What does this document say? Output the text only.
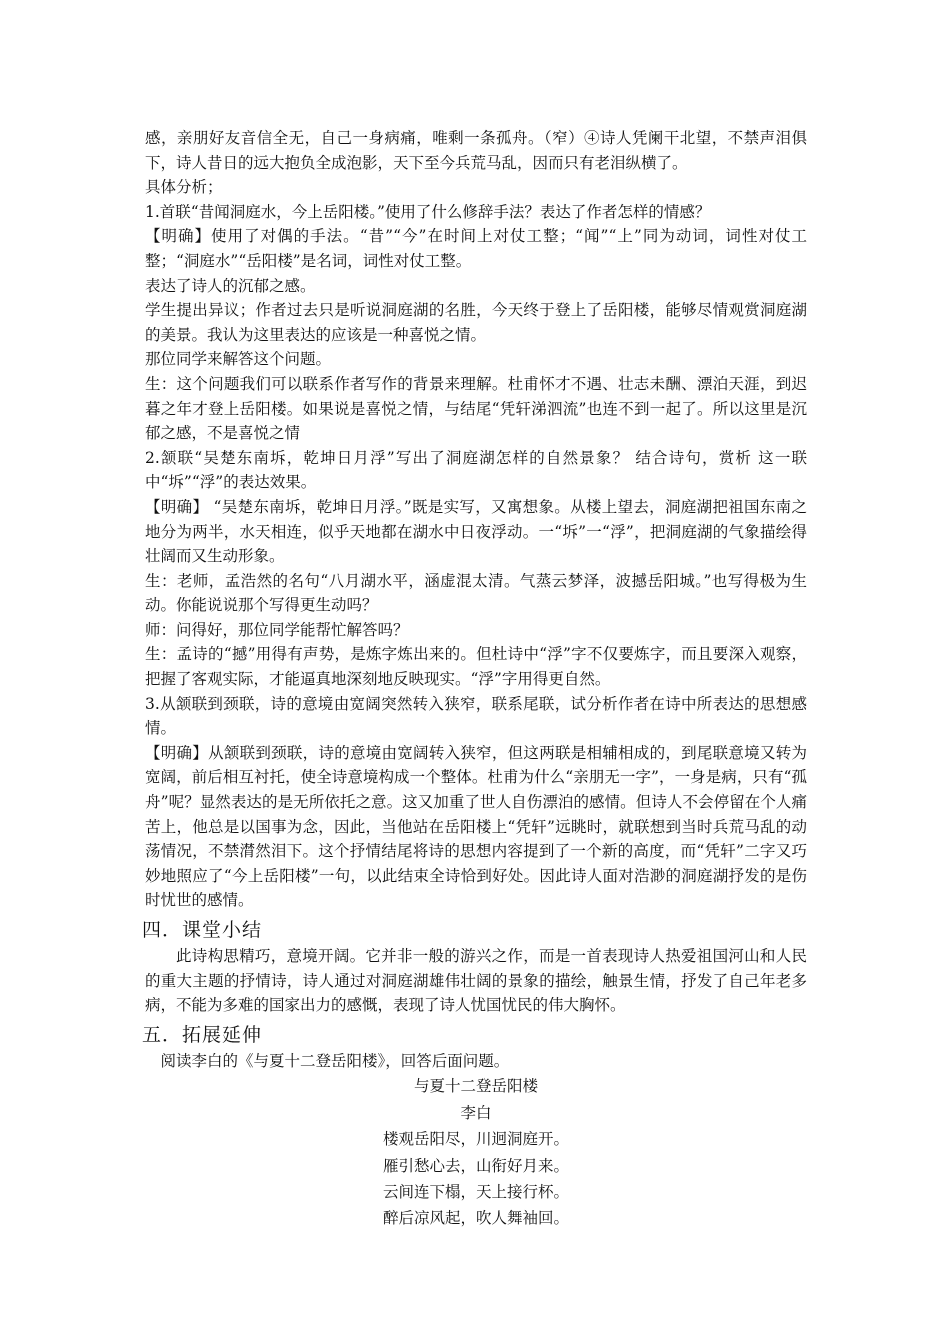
感，亲朋好友音信全无，自己一身病痛，唯剩一条孤舟。（窄）④诗人凭阑干北望，不禁声泪俱下，诗人昔日的远大抱负全成泡影，天下至今兵荒马乱，因而只有老泪纵横了。

具体分析；

1.首联“昔闻洞庭水，今上岳阳楼。”使用了什么修辞手法？表达了作者怎样的情感？

【明确】使用了对偶的手法。“昔”“今”在时间上对仗工整；“闻”“上”同为动词，词性对仗工整；“洞庭水”“岳阳楼”是名词，词性对仗工整。

表达了诗人的沉郁之感。

学生提出异议；作者过去只是听说洞庭湖的名胜，今天终于登上了岳阳楼，能够尽情观赏洞庭湖的美景。我认为这里表达的应该是一种喜悦之情。

那位同学来解答这个问题。

生：这个问题我们可以联系作者写作的背景来理解。杜甫怀才不遇、壮志未酬、漂泊天涯，到迟暮之年才登上岳阳楼。如果说是喜悦之情，与结尾“凭轩涕泗流”也连不到一起了。所以这里是沉郁之感，不是喜悦之情

2.颔联“吴楚东南坼，乾坤日月浮”写出了洞庭湖怎样的自然景象？ 结合诗句，赏析 这一联中“坼”“浮”的表达效果。

【明确】 “吴楚东南坼，乾坤日月浮。”既是实写，又寓想象。从楼上望去，洞庭湖把祖国东南之地分为两半，水天相连，似乎天地都在湖水中日夜浮动。一“坼”一“浮”，把洞庭湖的气象描绘得壮阔而又生动形象。

生：老师，孟浩然的名句“八月湖水平，涵虚混太清。气蒸云梦泽，波撼岳阳城。”也写得极为生动。你能说说那个写得更生动吗？

师：问得好，那位同学能帮忙解答吗？

生：孟诗的“撼”用得有声势，是炼字炼出来的。但杜诗中“浮”字不仅要炼字，而且要深入观察，把握了客观实际，才能逼真地深刻地反映现实。“浮”字用得更自然。

3.从颔联到颈联，诗的意境由宽阔突然转入狭窄，联系尾联，试分析作者在诗中所表达的思想感情。

【明确】从颔联到颈联，诗的意境由宽阔转入狭窄，但这两联是相辅相成的，到尾联意境又转为宽阔，前后相互衬托，使全诗意境构成一个整体。杜甫为什么“亲朋无一字”，一身是病，只有“孤舟”呢？显然表达的是无所依托之意。这又加重了世人自伤漂泊的感情。但诗人不会停留在个人痛苦上，他总是以国事为念，因此，当他站在岳阳楼上“凭轩”远眺时，就联想到当时兵荒马乱的动荡情况，不禁潸然泪下。这个抒情结尾将诗的思想内容提到了一个新的高度，而“凭轩”二字又巧妙地照应了“今上岳阳楼”一句，以此结束全诗恰到好处。因此诗人面对浩渺的洞庭湖抒发的是伤时忧世的感情。

四．课堂小结

此诗构思精巧，意境开阔。它并非一般的游兴之作，而是一首表现诗人热爱祖国河山和人民的重大主题的抒情诗，诗人通过对洞庭湖雄伟壮阔的景象的描绘，触景生情，抒发了自己年老多病，不能为多难的国家出力的感慨，表现了诗人忧国忧民的伟大胸怀。

五．拓展延伸

阅读李白的《与夏十二登岳阳楼》，回答后面问题。

与夏十二登岳阳楼

李白

楼观岳阳尽，川迥洞庭开。

雁引愁心去，山衔好月来。

云间连下榻，天上接行杯。

醉后凉风起，吹人舞袖回。
